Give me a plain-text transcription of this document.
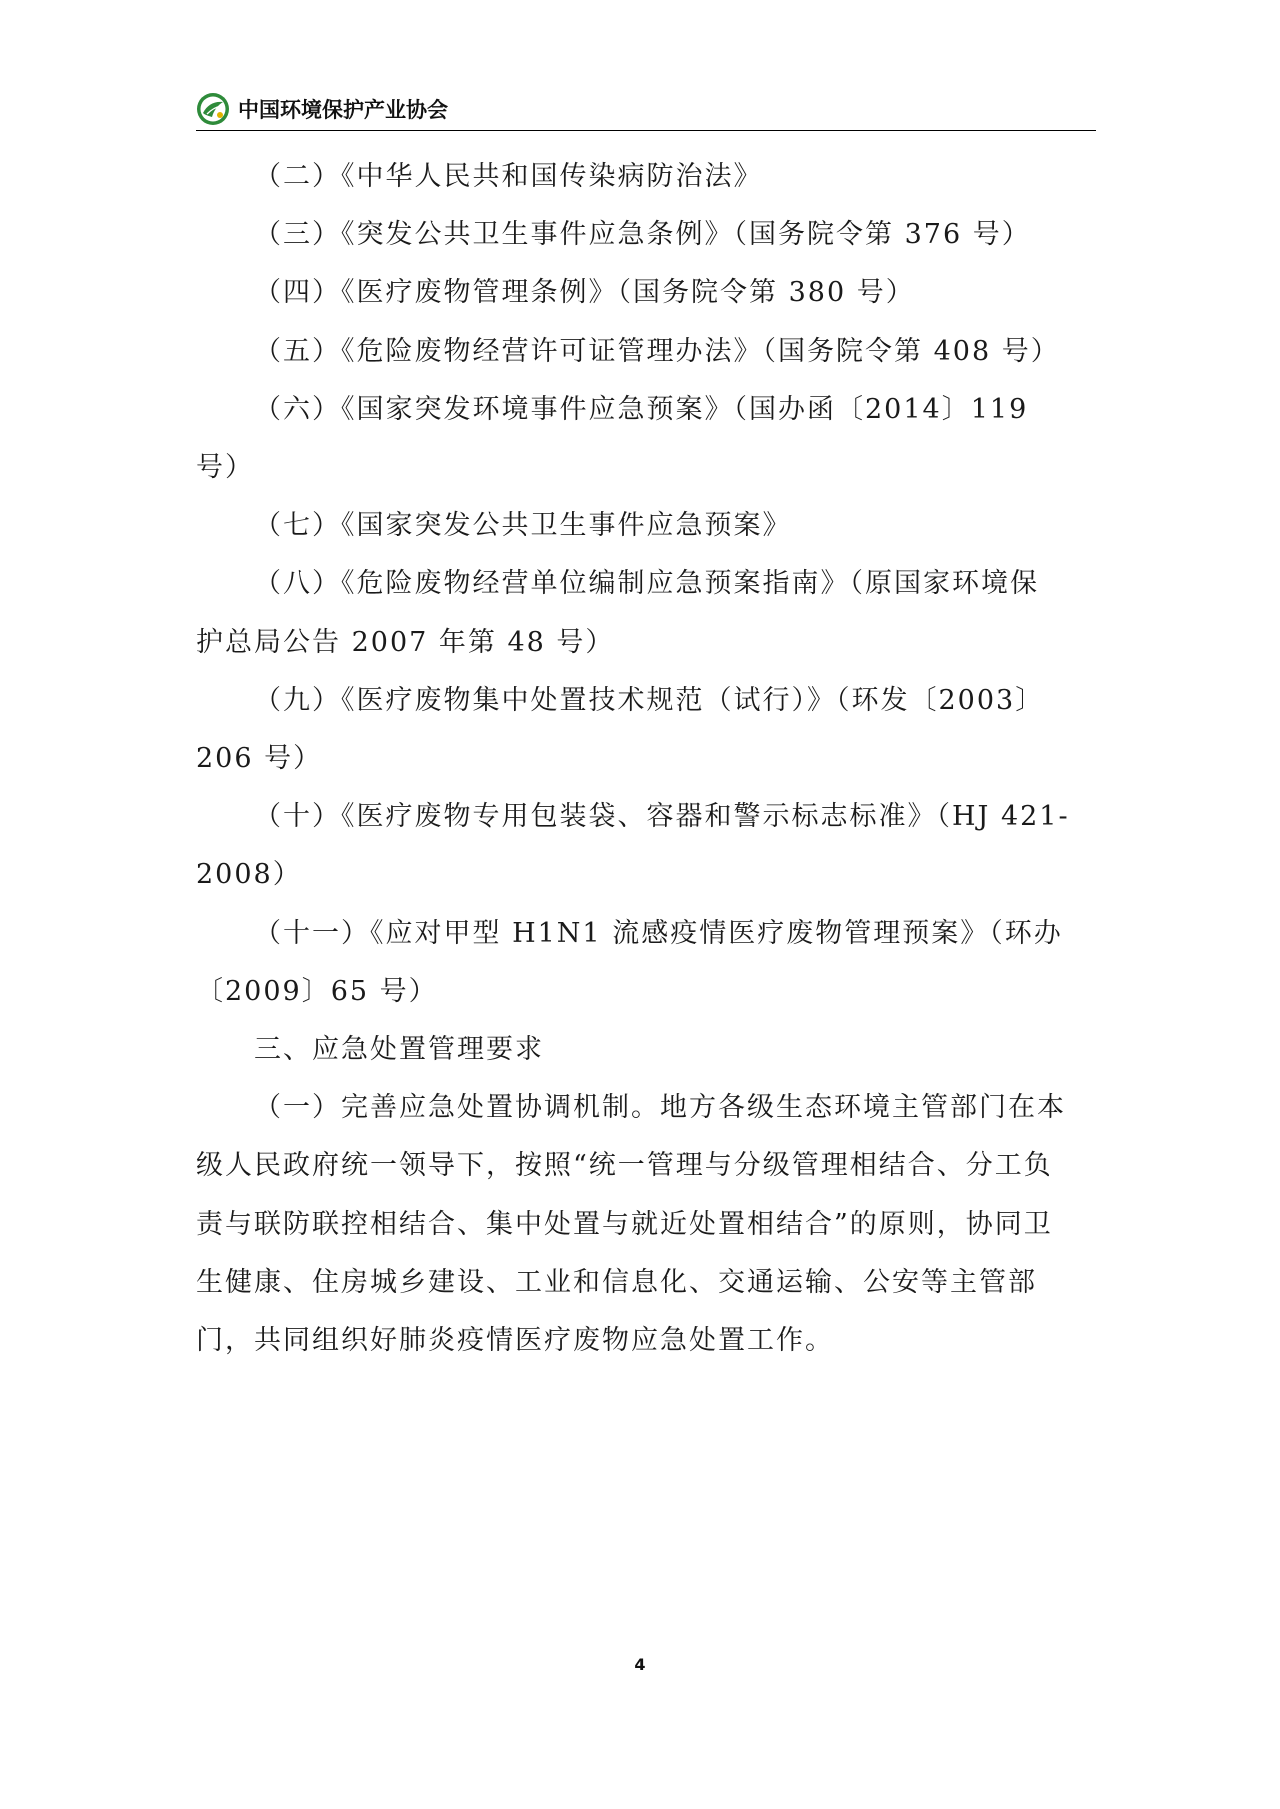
中国环境保护产业协会
（二）《中华人民共和国传染病防治法》
（三）《突发公共卫生事件应急条例》（国务院令第 376 号）
（四）《医疗废物管理条例》（国务院令第 380 号）
（五）《危险废物经营许可证管理办法》（国务院令第 408 号）
（六）《国家突发环境事件应急预案》（国办函〔2014〕119
号）
（七）《国家突发公共卫生事件应急预案》
（八）《危险废物经营单位编制应急预案指南》（原国家环境保
护总局公告 2007 年第 48 号）
（九）《医疗废物集中处置技术规范（试行）》（环发〔2003〕
206 号）
（十）《医疗废物专用包装袋、容器和警示标志标准》（HJ 421-
2008）
（十一）《应对甲型 H1N1 流感疫情医疗废物管理预案》（环办
〔2009〕65 号）
三、应急处置管理要求
（一）完善应急处置协调机制。地方各级生态环境主管部门在本
级人民政府统一领导下，按照“统一管理与分级管理相结合、分工负
责与联防联控相结合、集中处置与就近处置相结合”的原则，协同卫
生健康、住房城乡建设、工业和信息化、交通运输、公安等主管部
门，共同组织好肺炎疫情医疗废物应急处置工作。
4
